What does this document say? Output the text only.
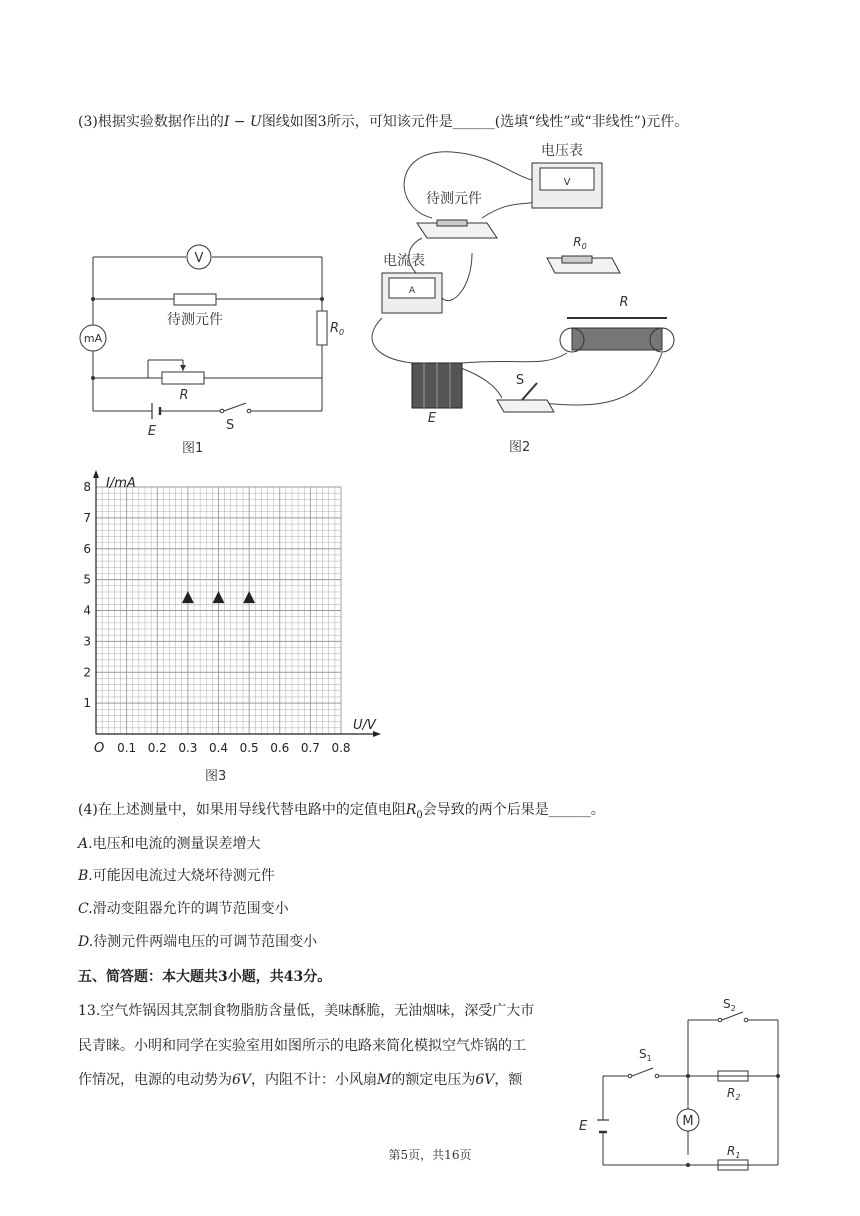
(3)根据实验数据作出的I − U图线如图3所示，可知该元件是______(选填“线性”或“非线性”)元件。
V
mA
待测元件
$R_0$
R
E	S
图1
V
电压表
待测元件
$R_0$
A
电流表
R
E
S
图2
1
2
3
4
5
6
7
8
0.1 0.2 0.3 0.4 0.5 0.6 0.7 0.8
I/mA
U/V
O
图3
(4)在上述测量中，如果用导线代替电路中的定值电阻$R_0$会导致的两个后果是______。
A.电压和电流的测量误差增大
B.可能因电流过大烧坏待测元件
C.滑动变阻器允许的调节范围变小
D.待测元件两端电压的可调节范围变小
五、简答题：本大题共3小题，共43分。
13.空气炸锅因其烹制食物脂肪含量低，美味酥脆，无油烟味，深受广大市
民青睐。小明和同学在实验室用如图所示的电路来简化模拟空气炸锅的工
作情况，电源的电动势为6V，内阻不计：小风扇M的额定电压为6V，额
M
$S_1$
$S_2$
$R_2$
$R_1$
E
第5页，共16页
